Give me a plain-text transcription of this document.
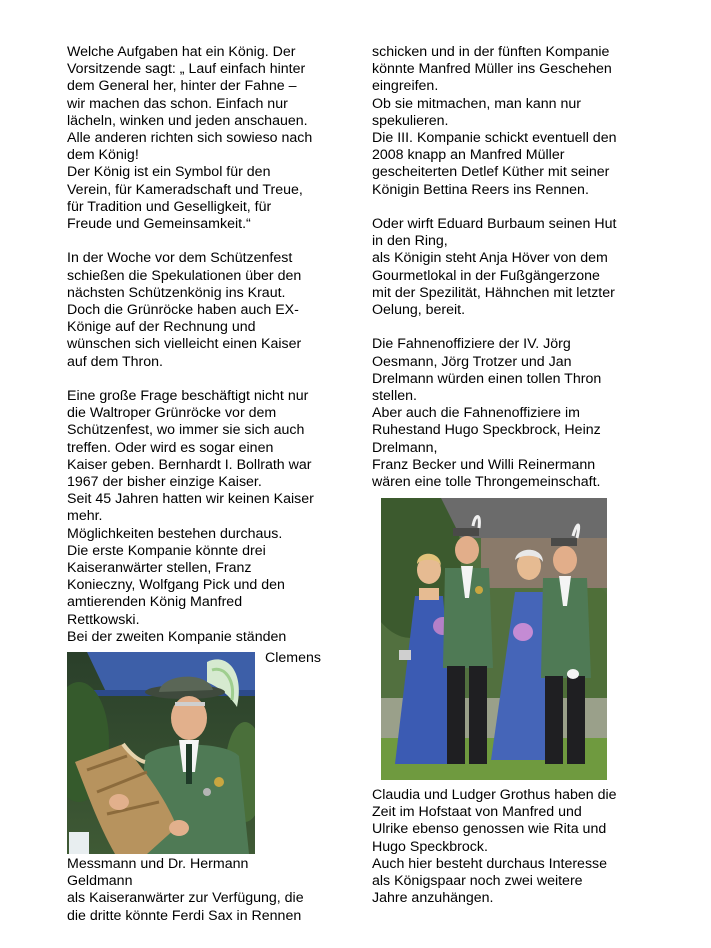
Welche Aufgaben hat ein König. Der

Vorsitzende sagt: „ Lauf einfach hinter

dem General her, hinter der Fahne –

wir machen das schon. Einfach nur

lächeln, winken und jeden anschauen.

Alle anderen richten sich sowieso nach

dem König!

Der König ist ein Symbol für den

Verein, für Kameradschaft und Treue,

für Tradition und Geselligkeit, für

Freude und Gemeinsamkeit.“

In der Woche vor dem Schützenfest

schießen die Spekulationen über den

nächsten Schützenkönig ins Kraut.

Doch die Grünröcke haben auch EX-

Könige auf der Rechnung und

wünschen sich vielleicht einen Kaiser

auf dem Thron.

Eine große Frage beschäftigt nicht nur

die Waltroper Grünröcke vor dem

Schützenfest, wo immer sie sich auch

treffen. Oder wird es sogar einen

Kaiser geben. Bernhardt I. Bollrath war

1967 der bisher einzige Kaiser.

Seit 45 Jahren hatten wir keinen Kaiser

mehr.

Möglichkeiten bestehen durchaus.

Die erste Kompanie könnte drei

Kaiseranwärter stellen, Franz

Konieczny, Wolfgang Pick und den

amtierenden König Manfred

Rettkowski.

Bei der zweiten Kompanie ständen

Clemens

Messmann und Dr. Hermann

Geldmann

als Kaiseranwärter zur Verfügung, die

die dritte könnte Ferdi Sax in Rennen

schicken und in der fünften Kompanie

könnte Manfred Müller ins Geschehen

eingreifen.

Ob sie mitmachen, man kann nur

spekulieren.

Die III. Kompanie schickt eventuell den

2008 knapp an Manfred Müller

gescheiterten Detlef Küther mit seiner

Königin Bettina Reers ins Rennen.

Oder wirft Eduard Burbaum seinen Hut

in den Ring,

als Königin steht Anja Höver von dem

Gourmetlokal in der Fußgängerzone

mit der Spezilität, Hähnchen mit letzter

Oelung, bereit.

Die Fahnenoffiziere der IV. Jörg

Oesmann, Jörg Trotzer und Jan

Drelmann würden einen tollen Thron

stellen.

Aber auch die Fahnenoffiziere im

Ruhestand Hugo Speckbrock, Heinz

Drelmann,

Franz Becker und Willi Reinermann

wären eine tolle Throngemeinschaft.

Claudia und Ludger Grothus haben die

Zeit im Hofstaat von Manfred und

Ulrike ebenso genossen wie Rita und

Hugo Speckbrock.

Auch hier besteht durchaus Interesse

als Königspaar noch zwei weitere

Jahre anzuhängen.
